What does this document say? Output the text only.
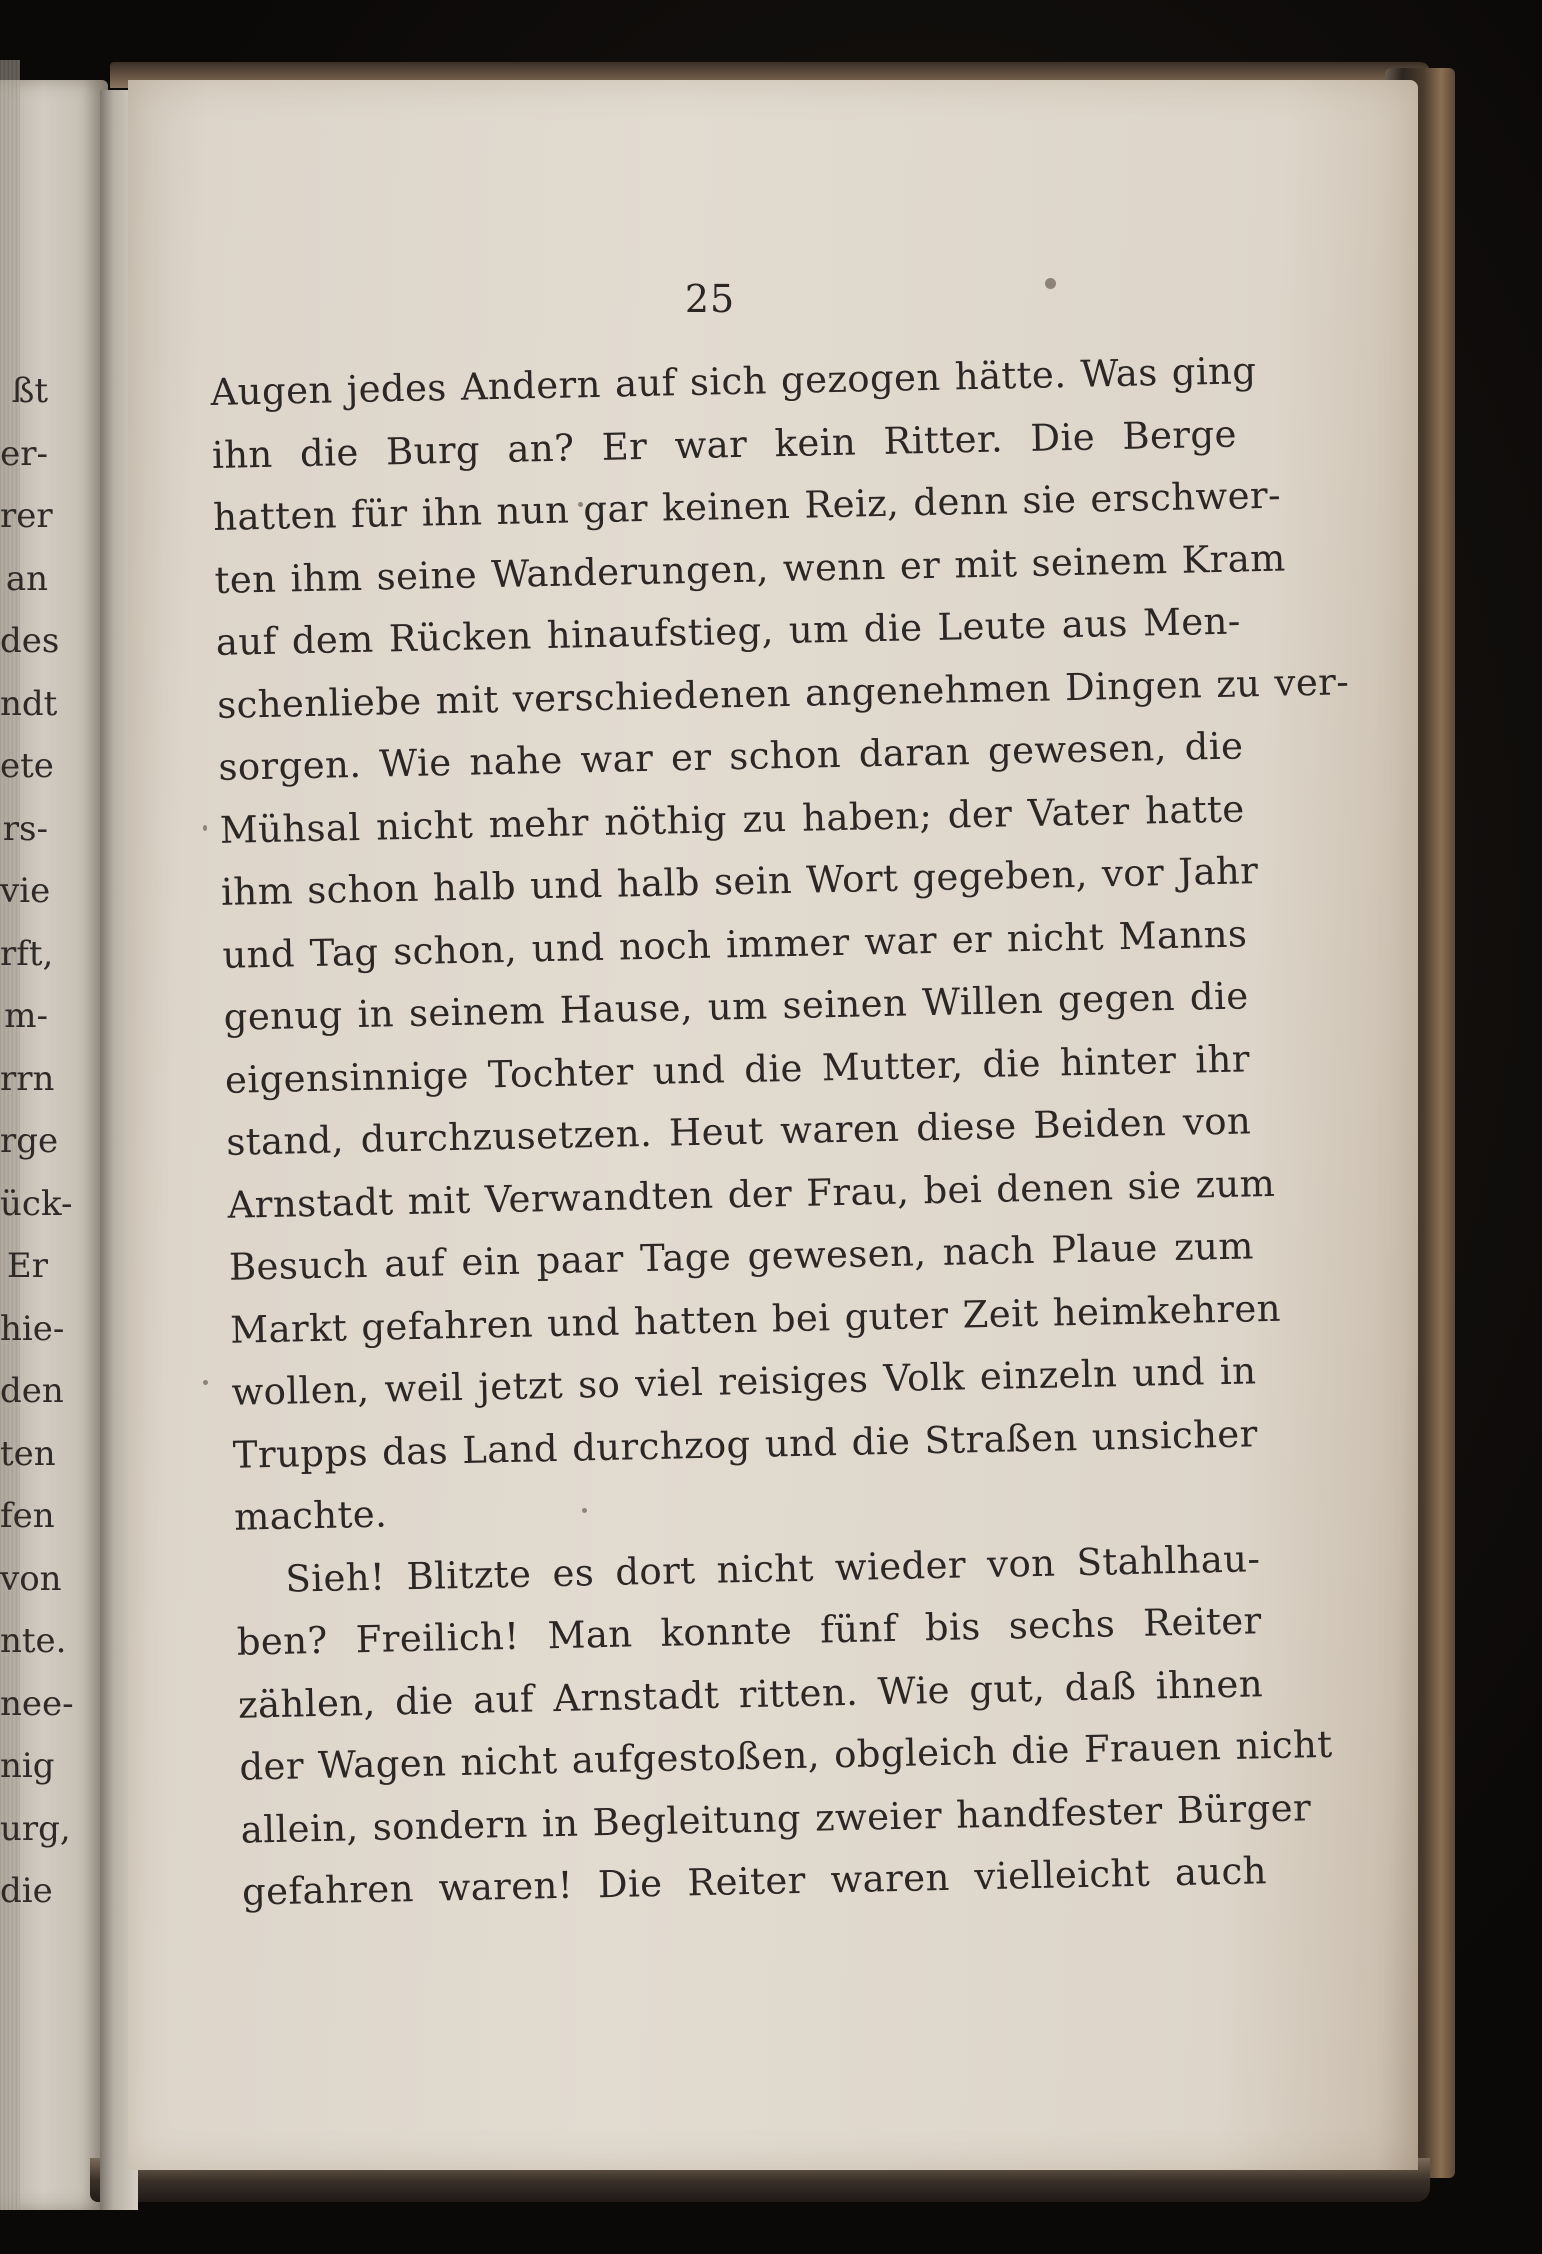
ßt
er-
rer
an
des
ndt
ete
rs-
vie
rft,
m-
rrn
rge
ück-
Er
hie-
den
ten
fen
von
nte.
nee-
nig
urg,
die
25
Augen jedes Andern auf sich gezogen hätte. Was ging
ihn die Burg an? Er war kein Ritter. Die Berge
hatten für ihn nun gar keinen Reiz, denn sie erschwer-
ten ihm seine Wanderungen, wenn er mit seinem Kram
auf dem Rücken hinaufstieg, um die Leute aus Men-
schenliebe mit verschiedenen angenehmen Dingen zu ver-
sorgen. Wie nahe war er schon daran gewesen, die
Mühsal nicht mehr nöthig zu haben; der Vater hatte
ihm schon halb und halb sein Wort gegeben, vor Jahr
und Tag schon, und noch immer war er nicht Manns
genug in seinem Hause, um seinen Willen gegen die
eigensinnige Tochter und die Mutter, die hinter ihr
stand, durchzusetzen. Heut waren diese Beiden von
Arnstadt mit Verwandten der Frau, bei denen sie zum
Besuch auf ein paar Tage gewesen, nach Plaue zum
Markt gefahren und hatten bei guter Zeit heimkehren
wollen, weil jetzt so viel reisiges Volk einzeln und in
Trupps das Land durchzog und die Straßen unsicher
machte.
Sieh! Blitzte es dort nicht wieder von Stahlhau-
ben? Freilich! Man konnte fünf bis sechs Reiter
zählen, die auf Arnstadt ritten. Wie gut, daß ihnen
der Wagen nicht aufgestoßen, obgleich die Frauen nicht
allein, sondern in Begleitung zweier handfester Bürger
gefahren waren! Die Reiter waren vielleicht auch
